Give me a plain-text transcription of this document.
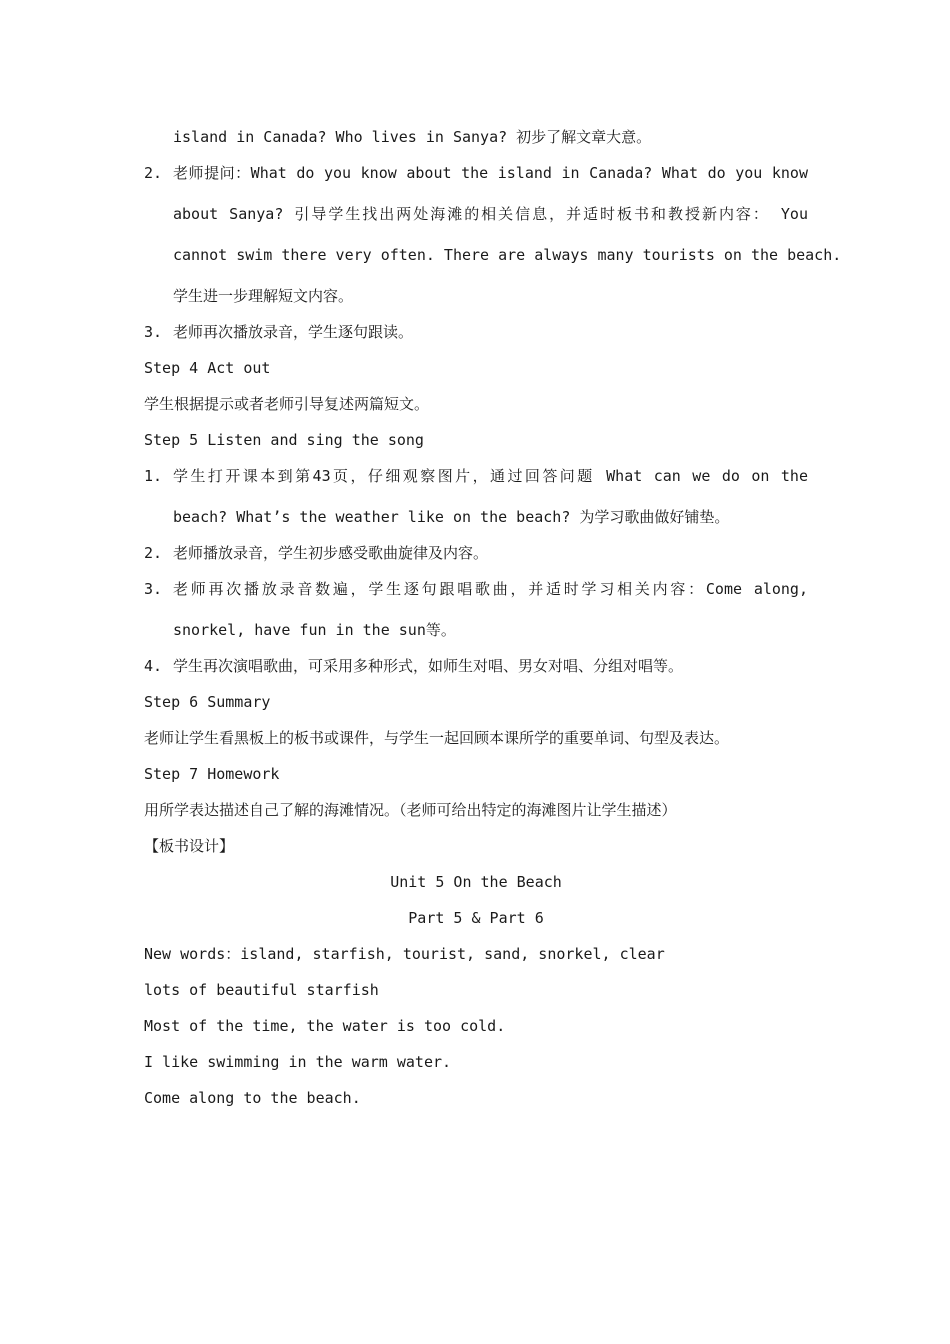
island in Canada? Who lives in Sanya? 初步了解文章大意。
2. 老师提问：What do you know about the island in Canada? What do you know
about Sanya? 引导学生找出两处海滩的相关信息，并适时板书和教授新内容： You
cannot swim there very often. There are always many tourists on the beach.
学生进一步理解短文内容。
3. 老师再次播放录音，学生逐句跟读。
Step 4 Act out
学生根据提示或者老师引导复述两篇短文。
Step 5 Listen and sing the song
1. 学生打开课本到第43页，仔细观察图片，通过回答问题 What can we do on the
beach? What’s the weather like on the beach? 为学习歌曲做好铺垫。
2. 老师播放录音，学生初步感受歌曲旋律及内容。
3. 老师再次播放录音数遍，学生逐句跟唱歌曲，并适时学习相关内容：Come along,
snorkel, have fun in the sun等。
4. 学生再次演唱歌曲，可采用多种形式，如师生对唱、男女对唱、分组对唱等。
Step 6 Summary
老师让学生看黑板上的板书或课件，与学生一起回顾本课所学的重要单词、句型及表达。
Step 7 Homework
用所学表达描述自己了解的海滩情况。（老师可给出特定的海滩图片让学生描述）
【板书设计】
Unit 5 On the Beach
Part 5 & Part 6
New words：island, starfish, tourist, sand, snorkel, clear
lots of beautiful starfish
Most of the time, the water is too cold.
I like swimming in the warm water.
Come along to the beach.
